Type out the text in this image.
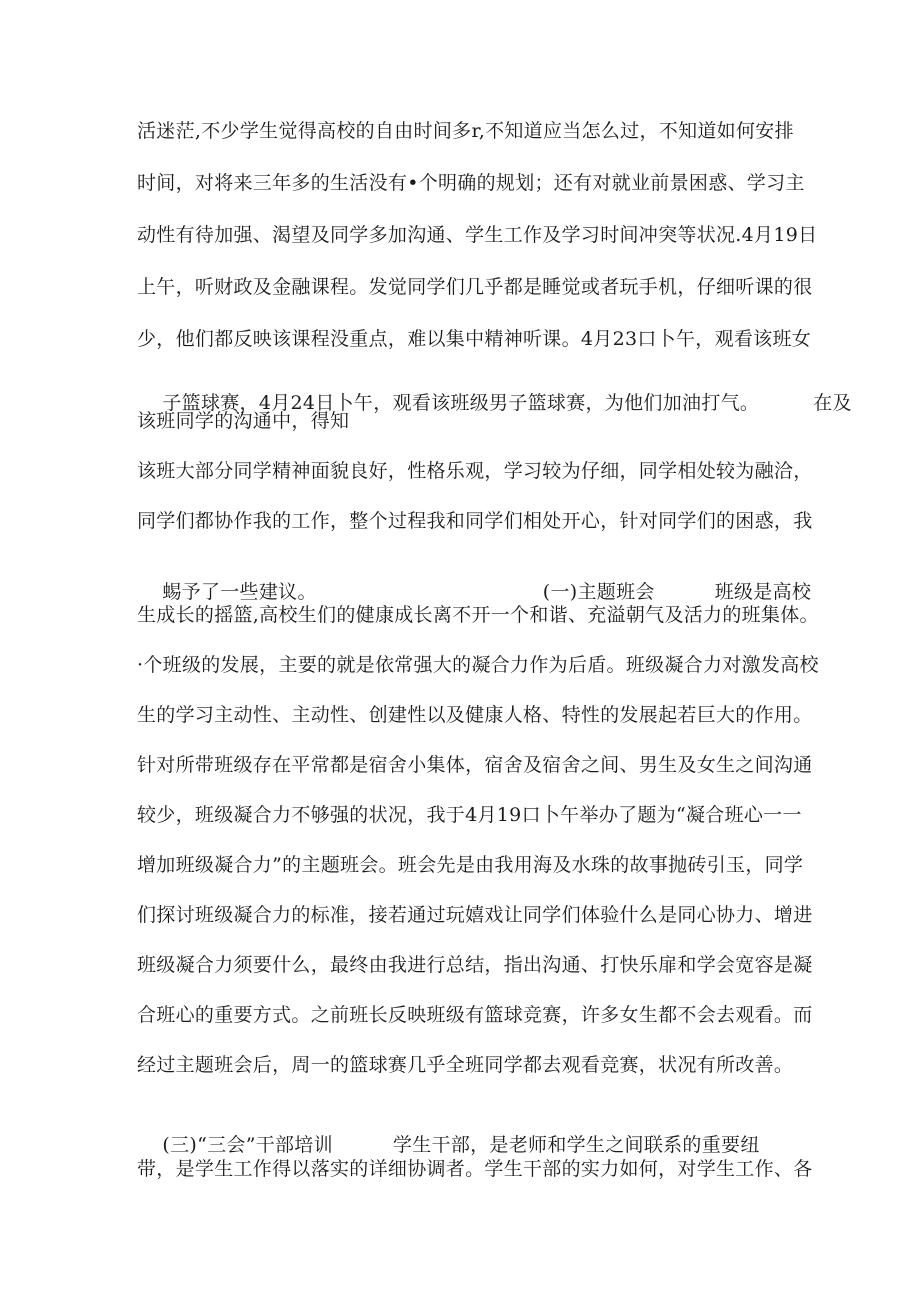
活迷茫,不少学生觉得高校的自由时间多r,不知道应当怎么过，不知道如何安排
时间，对将来三年多的生活没有•个明确的规划；还有对就业前景困惑、学习主
动性有待加强、渴望及同学多加沟通、学生工作及学习时间冲突等状况.4月19日
上午，听财政及金融课程。发觉同学们几乎都是睡觉或者玩手机，仔细听课的很
少，他们都反映该课程没重点，难以集中精神听课。4月23口卜午，观看该班女

子篮球赛，4月24日卜午，观看该班级男子篮球赛，为他们加油打气。	在及

该班同学的沟通中，得知
该班大部分同学精神面貌良好，性格乐观，学习较为仔细，同学相处较为融洽，
同学们都协作我的工作，整个过程我和同学们相处开心，针对同学们的困惑，我

蜴予了一些建议。	(一)主题班会	班级是高校

生成长的摇篮,高校生们的健康成长离不开一个和谐、充溢朝气及活力的班集体。
·个班级的发展，主要的就是依常强大的凝合力作为后盾。班级凝合力对激发高校
生的学习主动性、主动性、创建性以及健康人格、特性的发展起若巨大的作用。
针对所带班级存在平常都是宿舍小集体，宿舍及宿舍之间、男生及女生之间沟通
较少，班级凝合力不够强的状况，我于4月19口卜午举办了题为“凝合班心一一
增加班级凝合力”的主题班会。班会先是由我用海及水珠的故事抛砖引玉，同学
们探讨班级凝合力的标准，接若通过玩嬉戏让同学们体验什么是同心协力、增进
班级凝合力须要什么，最终由我进行总结，指出沟通、打快乐扉和学会宽容是凝
合班心的重要方式。之前班长反映班级有篮球竞赛，许多女生都不会去观看。而
经过主题班会后，周一的篮球赛几乎全班同学都去观看竞赛，状况有所改善。

(三)“三会”干部培训	学生干部，是老师和学生之间联系的重要纽

带，是学生工作得以落实的详细协调者。学生干部的实力如何，对学生工作、各
